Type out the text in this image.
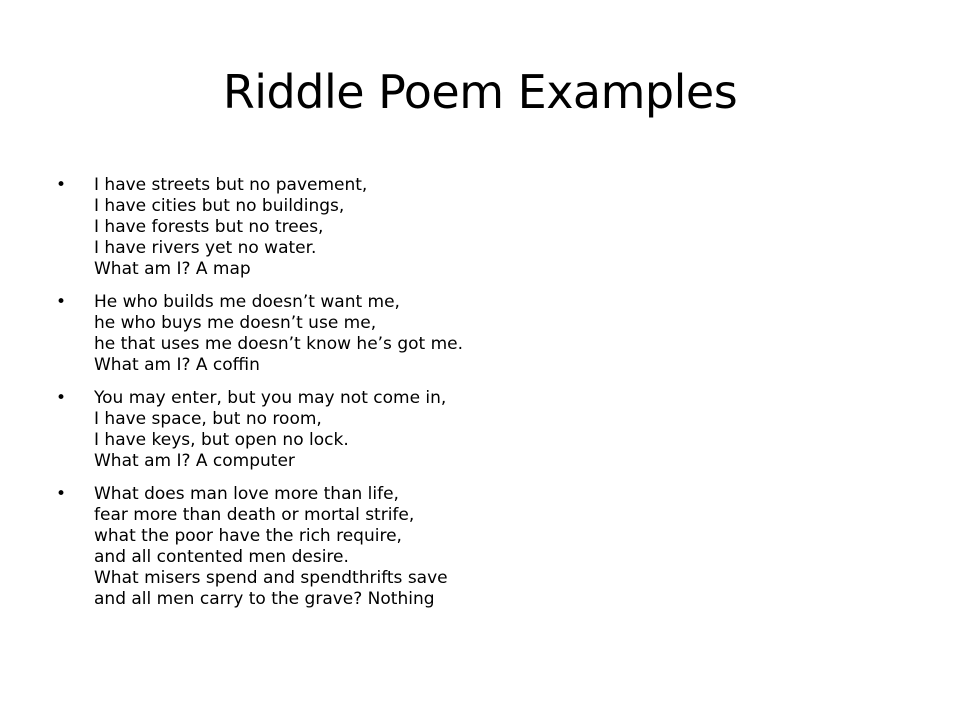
Riddle Poem Examples
• I have streets but no pavement,
I have cities but no buildings,
I have forests but no trees,
I have rivers yet no water.
What am I? A map
• He who builds me doesn’t want me,
he who buys me doesn’t use me,
he that uses me doesn’t know he’s got me.
What am I? A coffin
• You may enter, but you may not come in,
I have space, but no room,
I have keys, but open no lock.
What am I? A computer
• What does man love more than life,
fear more than death or mortal strife,
what the poor have the rich require,
and all contented men desire.
What misers spend and spendthrifts save
and all men carry to the grave? Nothing
